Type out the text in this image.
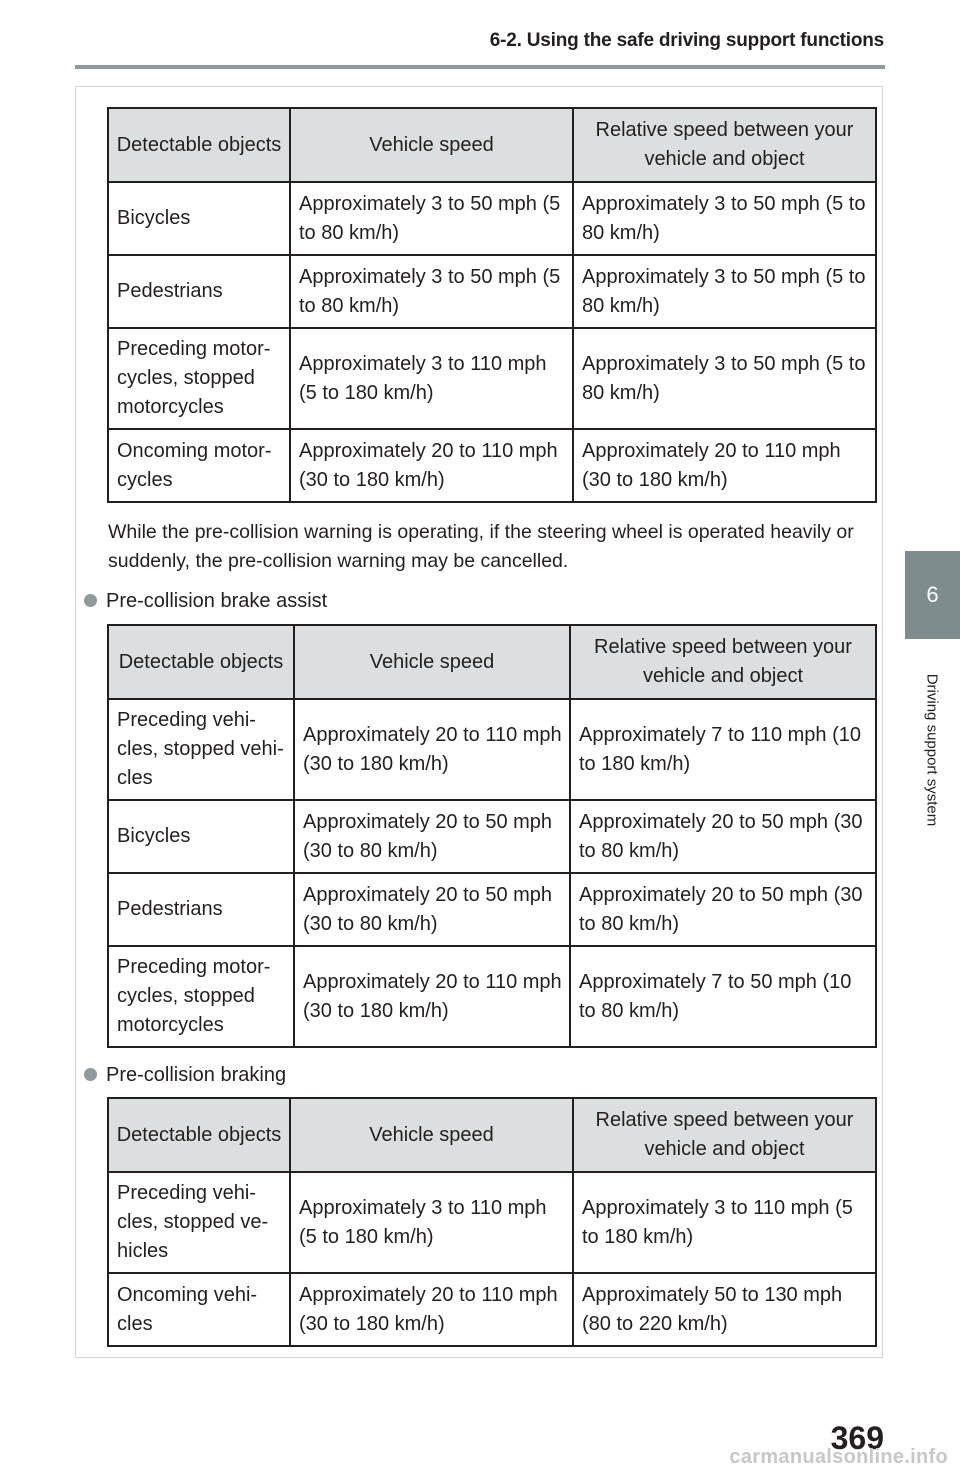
6-2. Using the safe driving support functions
6
Driving support system
Detectable objects	Vehicle speed	Relative speed between your vehicle and object
Bicycles	Approximately 3 to 50 mph (5 to 80 km/h)	Approximately 3 to 50 mph (5 to 80 km/h)
Pedestrians	Approximately 3 to 50 mph (5 to 80 km/h)	Approximately 3 to 50 mph (5 to 80 km/h)
Preceding motor-cycles, stopped motorcycles	Approximately 3 to 110 mph (5 to 180 km/h)	Approximately 3 to 50 mph (5 to 80 km/h)
Oncoming motor-cycles	Approximately 20 to 110 mph (30 to 180 km/h)	Approximately 20 to 110 mph (30 to 180 km/h)
While the pre-collision warning is operating, if the steering wheel is operated heavily or suddenly, the pre-collision warning may be cancelled.
Pre-collision brake assist
Detectable objects	Vehicle speed	Relative speed between your vehicle and object
Preceding vehi-cles, stopped vehi-cles	Approximately 20 to 110 mph (30 to 180 km/h)	Approximately 7 to 110 mph (10 to 180 km/h)
Bicycles	Approximately 20 to 50 mph (30 to 80 km/h)	Approximately 20 to 50 mph (30 to 80 km/h)
Pedestrians	Approximately 20 to 50 mph (30 to 80 km/h)	Approximately 20 to 50 mph (30 to 80 km/h)
Preceding motor-cycles, stopped motorcycles	Approximately 20 to 110 mph (30 to 180 km/h)	Approximately 7 to 50 mph (10 to 80 km/h)
Pre-collision braking
Detectable objects	Vehicle speed	Relative speed between your vehicle and object
Preceding vehi-cles, stopped ve-hicles	Approximately 3 to 110 mph (5 to 180 km/h)	Approximately 3 to 110 mph (5 to 180 km/h)
Oncoming vehi-cles	Approximately 20 to 110 mph (30 to 180 km/h)	Approximately 50 to 130 mph (80 to 220 km/h)
369
carmanualsonline.info
